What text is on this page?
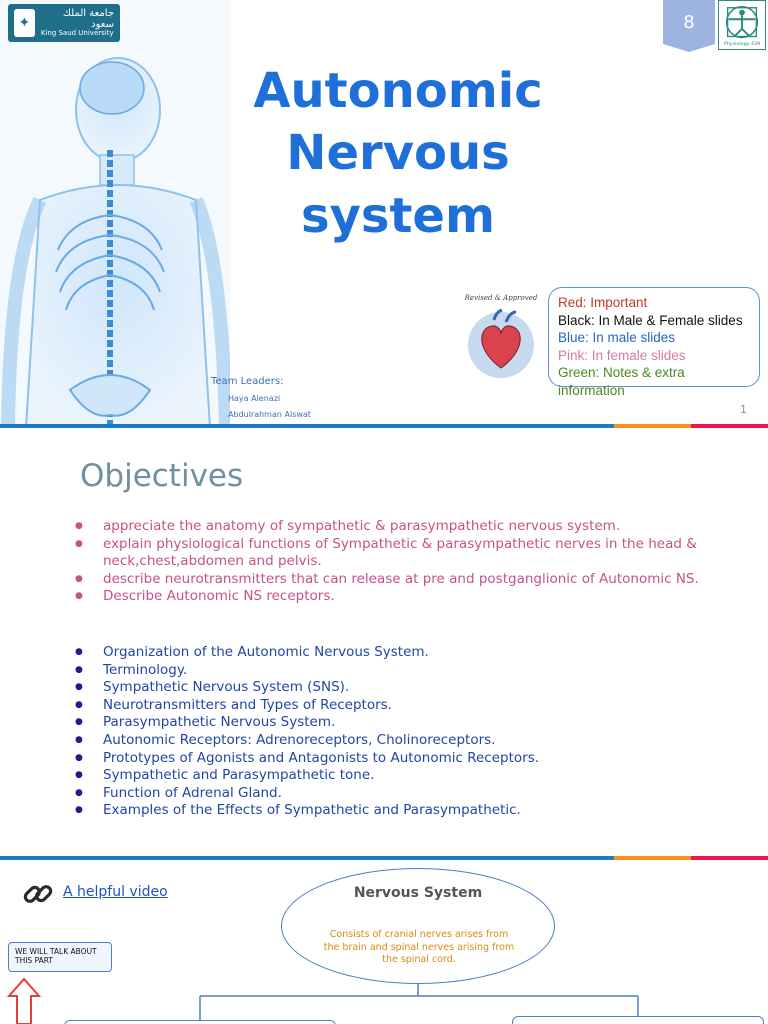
✦
جامعة الملك سعود
King Saud University
8
Physiology 439
Autonomic
Nervous
system
Revised & Approved Red: Important
Black: In Male & Female slides
Blue: In male slides
Pink: In female slides
Green: Notes & extra information
Team Leaders:
Haya Alenazi
Abdulrahman Alswat	1
Objectives
● appreciate the anatomy of sympathetic & parasympathetic nervous system.
● explain physiological functions of Sympathetic & parasympathetic nerves in the head & neck,chest,abdomen and pelvis.
● describe neurotransmitters that can release at pre and postganglionic of Autonomic NS.
● Describe Autonomic NS receptors.
● Organization of the Autonomic Nervous System.
● Terminology.
● Sympathetic Nervous System (SNS).
● Neurotransmitters and Types of Receptors.
● Parasympathetic Nervous System.
● Autonomic Receptors: Adrenoreceptors, Cholinoreceptors.
● Prototypes of Agonists and Antagonists to Autonomic Receptors.
● Sympathetic and Parasympathetic tone.
● Function of Adrenal Gland.
● Examples of the Effects of Sympathetic and Parasympathetic.
A helpful video
WE WILL TALK ABOUT THIS PART
Nervous System
Consists of cranial nerves arises from the brain and spinal nerves arising from the spinal cord.
